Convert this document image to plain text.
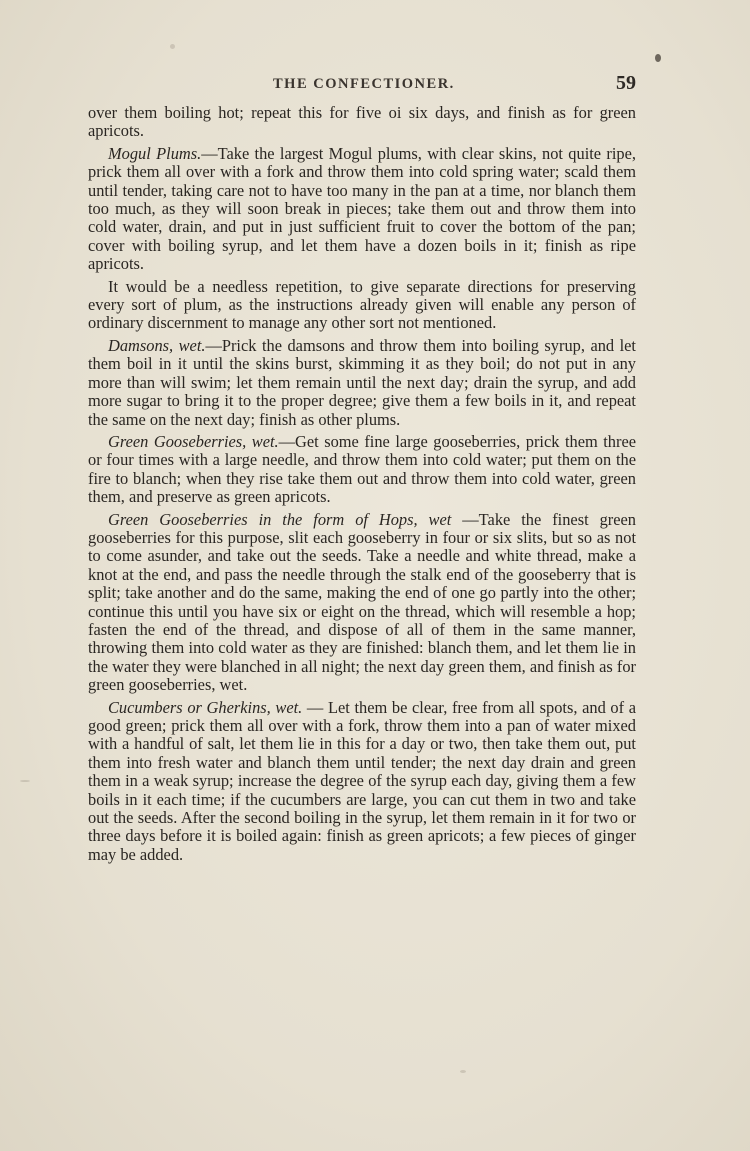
THE CONFECTIONER.	59

over them boiling hot; repeat this for five oi six days, and finish as for green apricots.

Mogul Plums.—Take the largest Mogul plums, with clear skins, not quite ripe, prick them all over with a fork and throw them into cold spring water; scald them until tender, taking care not to have too many in the pan at a time, nor blanch them too much, as they will soon break in pieces; take them out and throw them into cold water, drain, and put in just sufficient fruit to cover the bottom of the pan; cover with boiling syrup, and let them have a dozen boils in it; finish as ripe apricots.

It would be a needless repetition, to give separate directions for preserving every sort of plum, as the instructions already given will enable any person of ordinary discernment to manage any other sort not mentioned.

Damsons, wet.—Prick the damsons and throw them into boiling syrup, and let them boil in it until the skins burst, skimming it as they boil; do not put in any more than will swim; let them remain until the next day; drain the syrup, and add more sugar to bring it to the proper degree; give them a few boils in it, and repeat the same on the next day; finish as other plums.

Green Gooseberries, wet.—Get some fine large gooseberries, prick them three or four times with a large needle, and throw them into cold water; put them on the fire to blanch; when they rise take them out and throw them into cold water, green them, and preserve as green apricots.

Green Gooseberries in the form of Hops, wet —Take the finest green gooseberries for this purpose, slit each gooseberry in four or six slits, but so as not to come asunder, and take out the seeds. Take a needle and white thread, make a knot at the end, and pass the needle through the stalk end of the gooseberry that is split; take another and do the same, making the end of one go partly into the other; continue this until you have six or eight on the thread, which will resemble a hop; fasten the end of the thread, and dispose of all of them in the same manner, throwing them into cold water as they are finished: blanch them, and let them lie in the water they were blanched in all night; the next day green them, and finish as for green gooseberries, wet.

Cucumbers or Gherkins, wet. — Let them be clear, free from all spots, and of a good green; prick them all over with a fork, throw them into a pan of water mixed with a handful of salt, let them lie in this for a day or two, then take them out, put them into fresh water and blanch them until tender; the next day drain and green them in a weak syrup; increase the degree of the syrup each day, giving them a few boils in it each time; if the cucumbers are large, you can cut them in two and take out the seeds. After the second boiling in the syrup, let them remain in it for two or three days before it is boiled again: finish as green apricots; a few pieces of ginger may be added.
